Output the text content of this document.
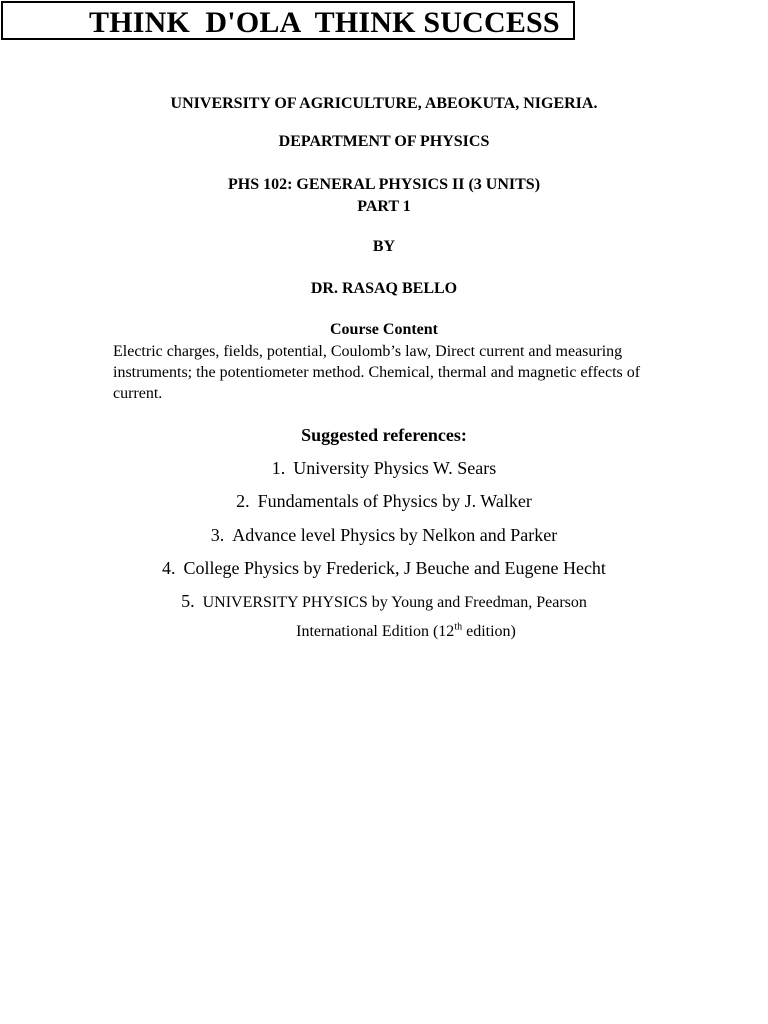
THINK  D'OLA  THINK SUCCESS
UNIVERSITY OF AGRICULTURE, ABEOKUTA, NIGERIA.
DEPARTMENT OF PHYSICS
PHS 102: GENERAL PHYSICS II (3 UNITS)
PART 1
BY
DR. RASAQ BELLO
Course Content

Electric charges, fields, potential, Coulomb’s law, Direct current and measuring instruments; the potentiometer method. Chemical, thermal and magnetic effects of current.

Suggested references:
1. University Physics W. Sears
2. Fundamentals of Physics by J. Walker
3. Advance level Physics by Nelkon and Parker
4. College Physics by Frederick, J Beuche and Eugene Hecht
5. UNIVERSITY PHYSICS by Young and Freedman, Pearson
International Edition (12th edition)
